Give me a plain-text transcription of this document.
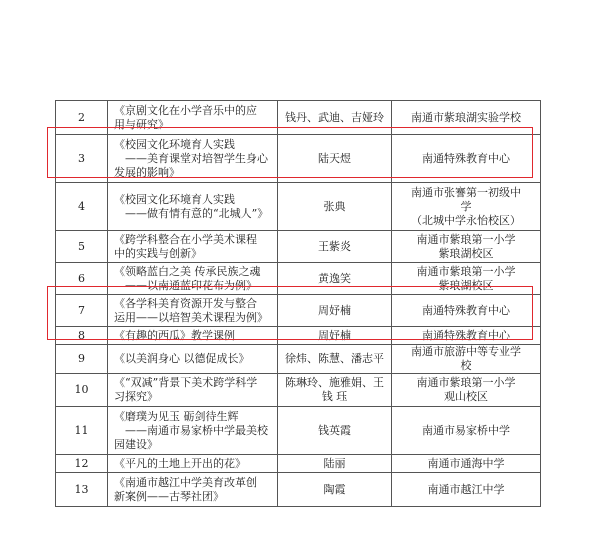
2	《京剧文化在小学音乐中的应
用与研究》	钱丹、武迪、吉娅玲	南通市紫琅湖实验学校
3	《校园文化环境育人实践
　——美育课堂对培智学生身心
发展的影响》	陆天煜	南通特殊教育中心
4	《校园文化环境育人实践
　——做有情有意的“北城人”》	张典	南通市张謇第一初级中
学
（北城中学永怡校区）
5	《跨学科整合在小学美术课程
中的实践与创新》	王紫炎	南通市紫琅第一小学
紫琅湖校区
6	《领略蓝白之美 传承民族之魂
　——以南通蓝印花布为例》	黄逸笑	南通市紫琅第一小学
紫琅湖校区
7	《各学科美育资源开发与整合
运用——以培智美术课程为例》	周妤楠	南通特殊教育中心
8	《有趣的西瓜》教学课例	周妤楠	南通特殊教育中心
9	《以美润身心 以德促成长》	徐炜、陈慧、潘志平	南通市旅游中等专业学
校
10	《“双减”背景下美术跨学科学
习探究》	陈琳玲、施雅娟、王钱 珏	南通市紫琅第一小学
观山校区
11	《磨璞为见玉 砺剑待生辉
　——南通市易家桥中学最美校
园建设》	钱英霞	南通市易家桥中学
12	《平凡的土地上开出的花》	陆丽	南通市通海中学
13	《南通市越江中学美育改革创
新案例——古琴社团》	陶霞	南通市越江中学
